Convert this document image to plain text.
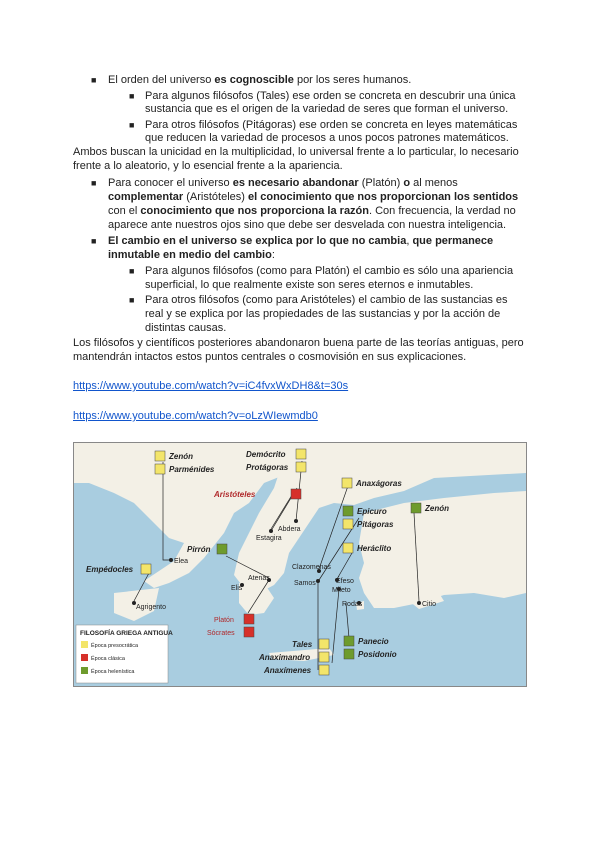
■ El orden del universo es cognoscible por los seres humanos.
■ Para algunos filósofos (Tales) ese orden se concreta en descubrir una única
sustancia que es el origen de la variedad de seres que forman el universo.
■ Para otros filósofos (Pitágoras) ese orden se concreta en leyes matemáticas
que reducen la variedad de procesos a unos pocos patrones matemáticos.
Ambos buscan la unicidad en la multiplicidad, lo universal frente a lo particular, lo necesario
frente a lo aleatorio, y lo esencial frente a la apariencia.
■ Para conocer el universo es necesario abandonar (Platón) o al menos
complementar (Aristóteles) el conocimiento que nos proporcionan los sentidos
con el conocimiento que nos proporciona la razón. Con frecuencia, la verdad no
aparece ante nuestros ojos sino que debe ser desvelada con nuestra inteligencia.
■ El cambio en el universo se explica por lo que no cambia, que permanece
inmutable en medio del cambio:
■ Para algunos filósofos (como para Platón) el cambio es sólo una apariencia
superficial, lo que realmente existe son seres eternos e inmutables.
■ Para otros filósofos (como para Aristóteles) el cambio de las sustancias es
real y se explica por las propiedades de las sustancias y por la acción de
distintas causas.
Los filósofos y científicos posteriores abandonaron buena parte de las teorías antiguas, pero
mantendrán intactos estos puntos centrales o cosmovisión en sus explicaciones.
https://www.youtube.com/watch?v=iC4fvxWxDH8&t=30s
https://www.youtube.com/watch?v=oLzWIewmdb0
Elea
Agrigento
Abdera
Estagira
Atenas
Clazomenas
Samos	Éfeso
Mileto
Elis
Rodas	Citio
Zenón
Parménides
Demócrito
Protágoras
Anaxágoras
Aristóteles
Zenón
Epicuro
Pitágoras
Heráclito
Pirrón
Empédocles
Platón
Sócrates
Tales
Anaximandro
Anaxímenes
Panecio
Posidonio
FILOSOFÍA GRIEGA ANTIGUA
Época presocrática
Época clásica
Época helenística
